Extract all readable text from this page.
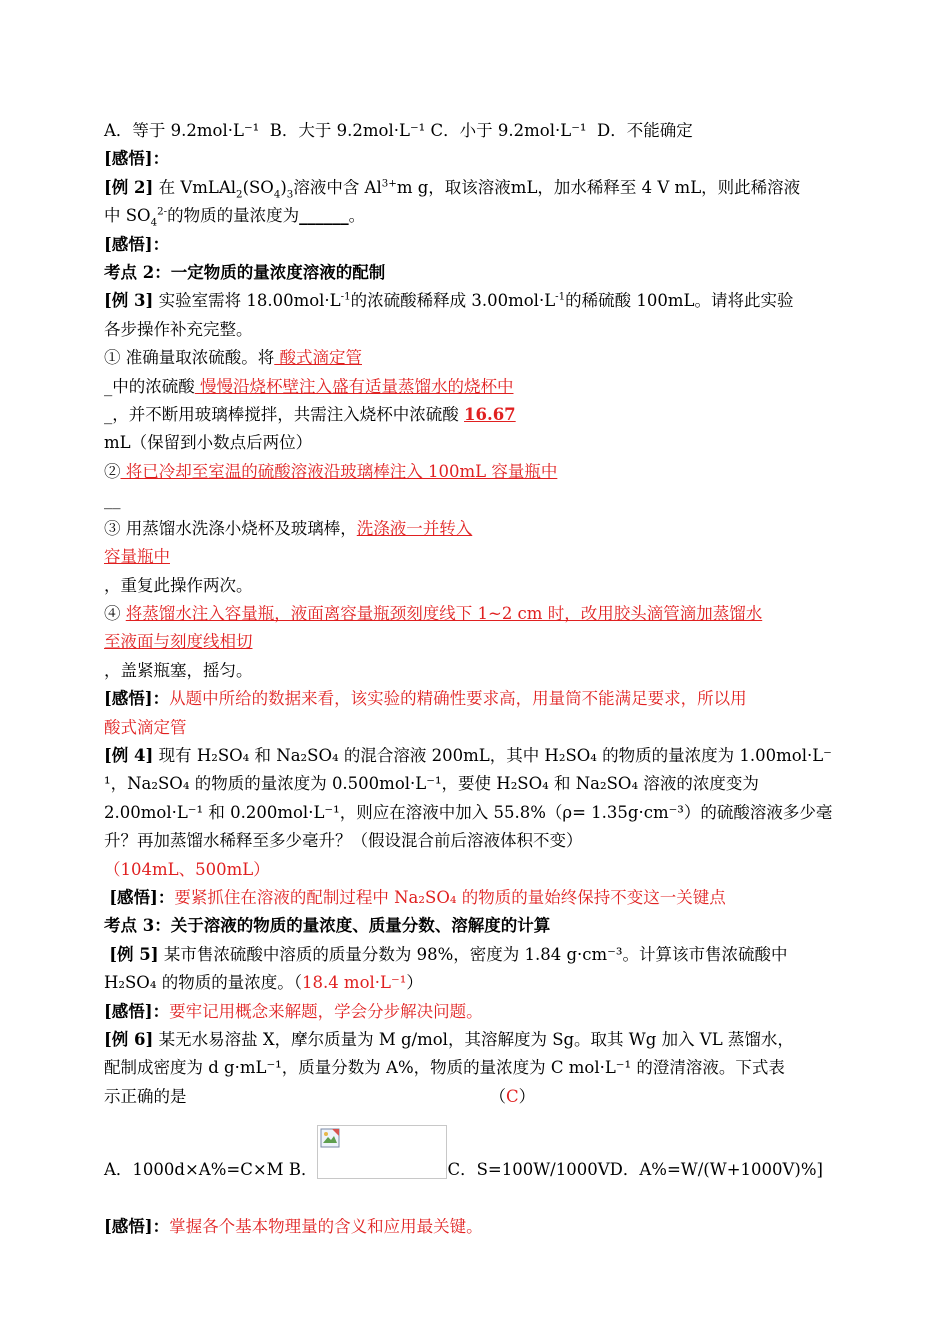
A．等于 9.2mol·L⁻¹ B．大于 9.2mol·L⁻¹ C．小于 9.2mol·L⁻¹ D．不能确定
[感悟]：
[例 2] 在 $VmLAl_2(SO_4)_3$溶液中含 $Al^{3+}m$ g，取该溶液mL，加水稀释至 4 V mL，则此稀溶液
中 $SO_4^{2-}$的物质的量浓度为______。
[感悟]：
考点 2：一定物质的量浓度溶液的配制
[例 3] 实验室需将 $18.00mol\cdot L^{-1}$的浓硫酸稀释成 $3.00mol\cdot L^{-1}$的稀硫酸 100mL。请将此实验
各步操作补充完整。
① 准确量取浓硫酸。将 酸式滴定管
_中的浓硫酸 慢慢沿烧杯壁注入盛有适量蒸馏水的烧杯中
_，并不断用玻璃棒搅拌，共需注入烧杯中浓硫酸 16.67
mL（保留到小数点后两位）
② 将已冷却至室温的硫酸溶液沿玻璃棒注入 100mL 容量瓶中
__
③ 用蒸馏水洗涤小烧杯及玻璃棒，洗涤液一并转入
容量瓶中
，重复此操作两次。
④ 将蒸馏水注入容量瓶，液面离容量瓶颈刻度线下 1~2 cm 时，改用胶头滴管滴加蒸馏水
至液面与刻度线相切
，盖紧瓶塞，摇匀。
[感悟]：从题中所给的数据来看，该实验的精确性要求高，用量筒不能满足要求，所以用
酸式滴定管
[例 4] 现有 H₂SO₄ 和 Na₂SO₄ 的混合溶液 200mL，其中 H₂SO₄ 的物质的量浓度为 1.00mol·L⁻
¹，Na₂SO₄ 的物质的量浓度为 0.500mol·L⁻¹，要使 H₂SO₄ 和 Na₂SO₄ 溶液的浓度变为
2.00mol·L⁻¹ 和 0.200mol·L⁻¹，则应在溶液中加入 55.8%（ρ= 1.35g·cm⁻³）的硫酸溶液多少毫
升？再加蒸馏水稀释至多少毫升？（假设混合前后溶液体积不变）
（104mL、500mL）
[感悟]：要紧抓住在溶液的配制过程中 Na₂SO₄ 的物质的量始终保持不变这一关键点
考点 3：关于溶液的物质的量浓度、质量分数、溶解度的计算
[例 5] 某市售浓硫酸中溶质的质量分数为 98%，密度为 1.84 g·cm⁻³。计算该市售浓硫酸中
H₂SO₄ 的物质的量浓度。（18.4 mol·L⁻¹）
[感悟]：要牢记用概念来解题，学会分步解决问题。
[例 6] 某无水易溶盐 X，摩尔质量为 M g/mol，其溶解度为 Sg。取其 Wg 加入 VL 蒸馏水，
配制成密度为 d g·mL⁻¹，质量分数为 A%，物质的量浓度为 C mol·L⁻¹ 的澄清溶液。下式表
示正确的是	（C）
A．1000d×A%=C×M B．	C．S=100W/1000VD．A%=W/(W+1000V)%]
[感悟]：掌握各个基本物理量的含义和应用最关键。
